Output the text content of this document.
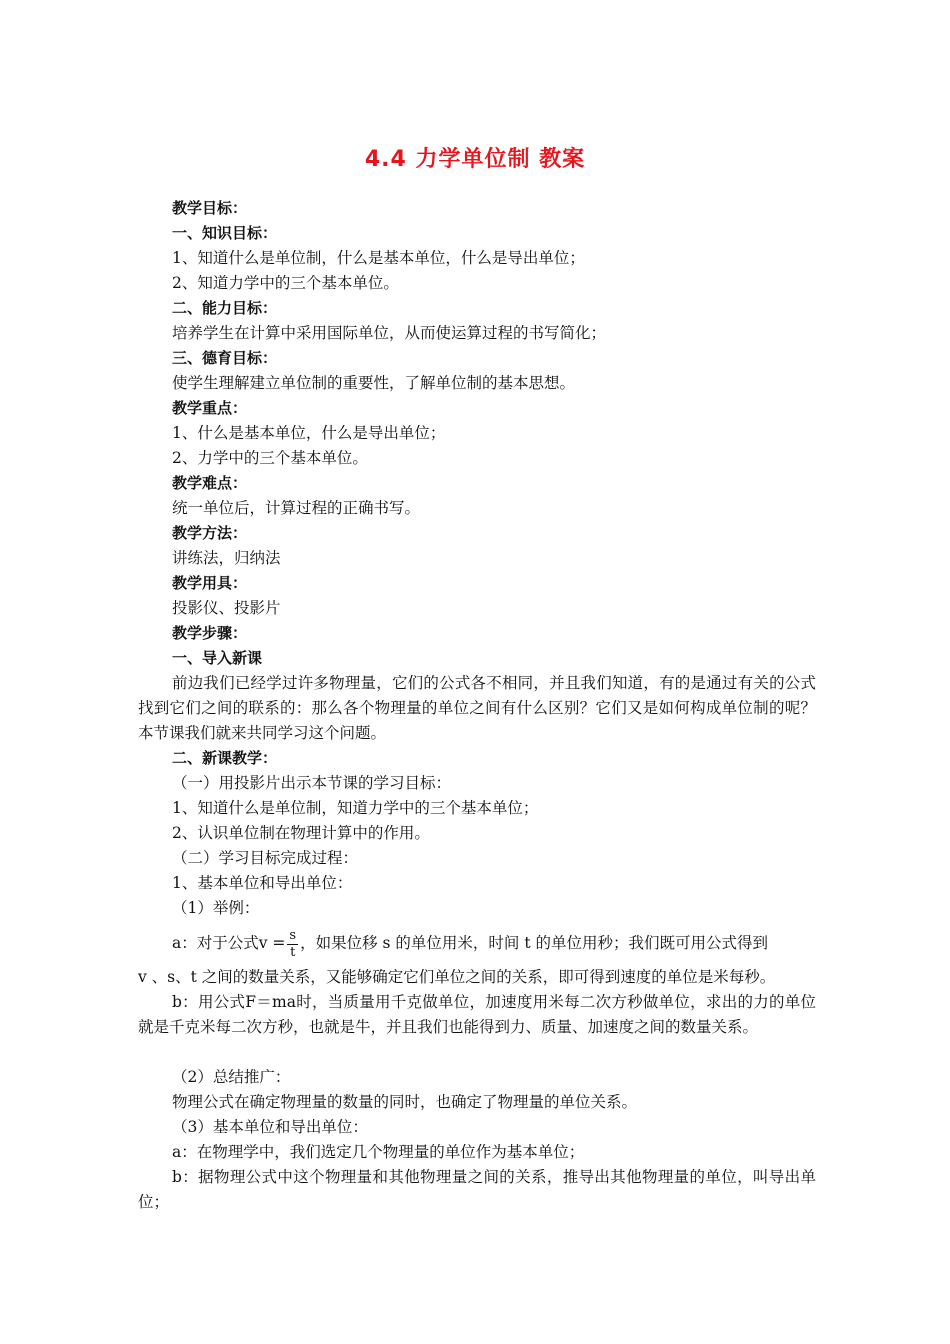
4.4 力学单位制 教案

教学目标：

一、知识目标：

1、知道什么是单位制，什么是基本单位，什么是导出单位；

2、知道力学中的三个基本单位。

二、能力目标：

培养学生在计算中采用国际单位，从而使运算过程的书写简化；

三、德育目标：

使学生理解建立单位制的重要性，了解单位制的基本思想。

教学重点：

1、什么是基本单位，什么是导出单位；

2、力学中的三个基本单位。

教学难点：

统一单位后，计算过程的正确书写。

教学方法：

讲练法，归纳法

教学用具：

投影仪、投影片

教学步骤：

一、导入新课

前边我们已经学过许多物理量，它们的公式各不相同，并且我们知道，有的是通过有关的公式找到它们之间的联系的：那么各个物理量的单位之间有什么区别？它们又是如何构成单位制的呢？本节课我们就来共同学习这个问题。

二、新课教学：

（一）用投影片出示本节课的学习目标：

1、知道什么是单位制，知道力学中的三个基本单位；

2、认识单位制在物理计算中的作用。

（二）学习目标完成过程：

1、基本单位和导出单位：

（1）举例：

a：对于公式$v = \frac{s}{t}$ ，如果位移 s 的单位用米，时间 t 的单位用秒；我们既可用公式得到

v 、s、t 之间的数量关系，又能够确定它们单位之间的关系，即可得到速度的单位是米每秒。

b：用公式F＝ma时，当质量用千克做单位，加速度用米每二次方秒做单位，求出的力的单位就是千克米每二次方秒，也就是牛，并且我们也能得到力、质量、加速度之间的数量关系。

（2）总结推广：

物理公式在确定物理量的数量的同时，也确定了物理量的单位关系。

（3）基本单位和导出单位：

a：在物理学中，我们选定几个物理量的单位作为基本单位；

b：据物理公式中这个物理量和其他物理量之间的关系，推导出其他物理量的单位，叫导出单位；
